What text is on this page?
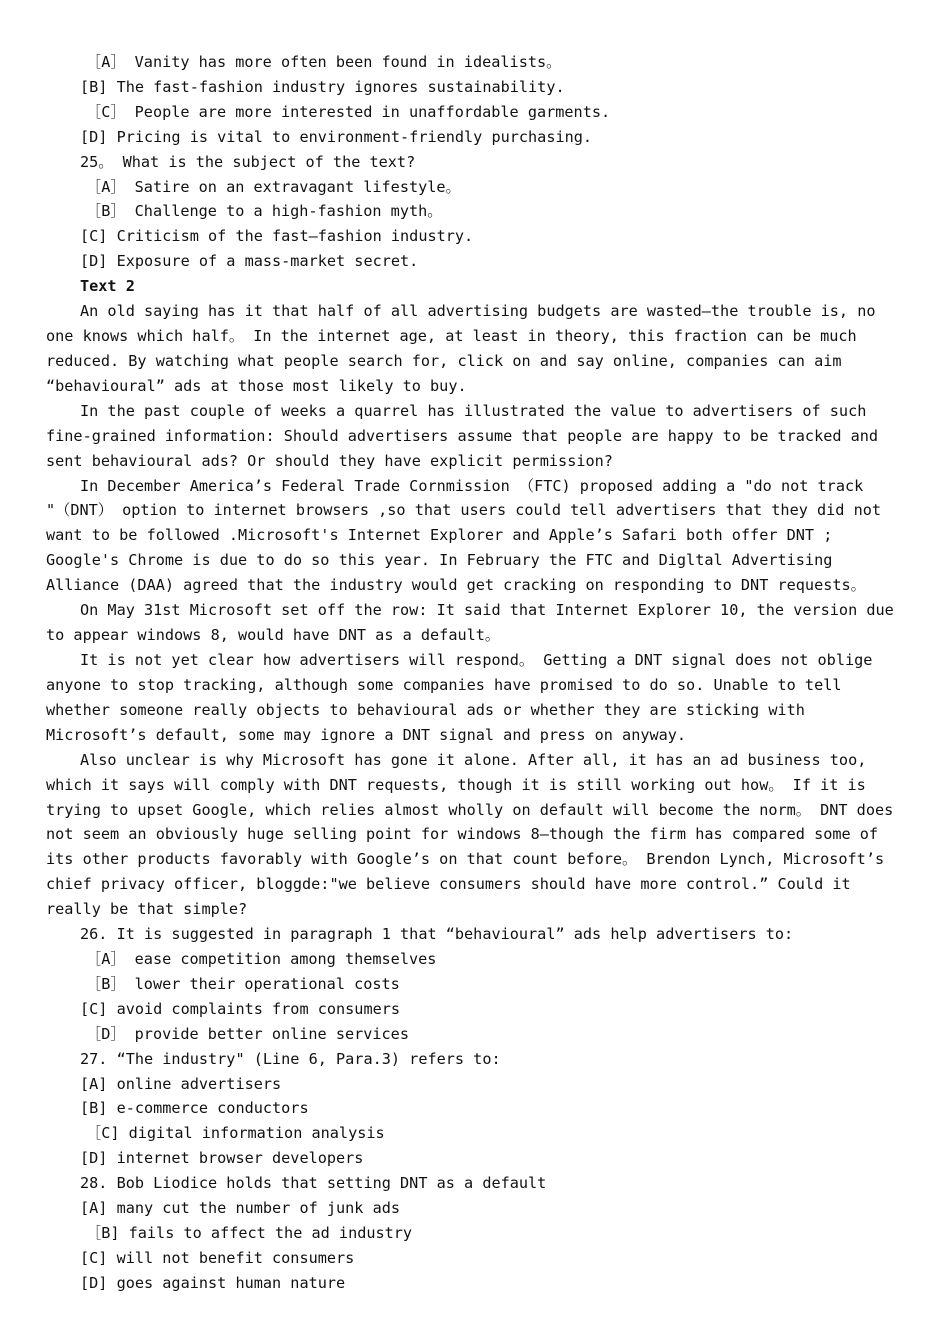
［A］ Vanity has more often been found in idealists。
[B] The fast-fashion industry ignores sustainability.
［C］ People are more interested in unaffordable garments.
[D] Pricing is vital to environment-friendly purchasing.
25。 What is the subject of the text?
［A］ Satire on an extravagant lifestyle。
［B］ Challenge to a high-fashion myth。
[C] Criticism of the fast—fashion industry.
[D] Exposure of a mass-market secret.
Text 2
An old saying has it that half of all advertising budgets are wasted—the trouble is, no one knows which half。 In the internet age, at least in theory, this fraction can be much reduced. By watching what people search for, click on and say online, companies can aim “behavioural” ads at those most likely to buy.
In the past couple of weeks a quarrel has illustrated the value to advertisers of such fine-grained information: Should advertisers assume that people are happy to be tracked and sent behavioural ads? Or should they have explicit permission?
In December America’s Federal Trade Cornmission （FTC) proposed adding a "do not track "（DNT） option to internet browsers ,so that users could tell advertisers that they did not want to be followed .Microsoft's Internet Explorer and Apple’s Safari both offer DNT ; Google's Chrome is due to do so this year. In February the FTC and Digltal Advertising Alliance (DAA) agreed that the industry would get cracking on responding to DNT requests。
On May 31st Microsoft set off the row: It said that Internet Explorer 10, the version due to appear windows 8, would have DNT as a default。
It is not yet clear how advertisers will respond。 Getting a DNT signal does not oblige anyone to stop tracking, although some companies have promised to do so. Unable to tell whether someone really objects to behavioural ads or whether they are sticking with Microsoft’s default, some may ignore a DNT signal and press on anyway.
Also unclear is why Microsoft has gone it alone. After all, it has an ad business too, which it says will comply with DNT requests, though it is still working out how。 If it is trying to upset Google, which relies almost wholly on default will become the norm。 DNT does not seem an obviously huge selling point for windows 8—though the firm has compared some of its other products favorably with Google’s on that count before。 Brendon Lynch, Microsoft’s chief privacy officer, bloggde:"we believe consumers should have more control.” Could it really be that simple?
26. It is suggested in paragraph 1 that “behavioural” ads help advertisers to:
［A］ ease competition among themselves
［B］ lower their operational costs
[C] avoid complaints from consumers
［D］ provide better online services
27. “The industry" (Line 6, Para.3) refers to:
[A] online advertisers
[B] e-commerce conductors
［C] digital information analysis
[D] internet browser developers
28. Bob Liodice holds that setting DNT as a default
[A] many cut the number of junk ads
［B] fails to affect the ad industry
[C] will not benefit consumers
[D] goes against human nature
